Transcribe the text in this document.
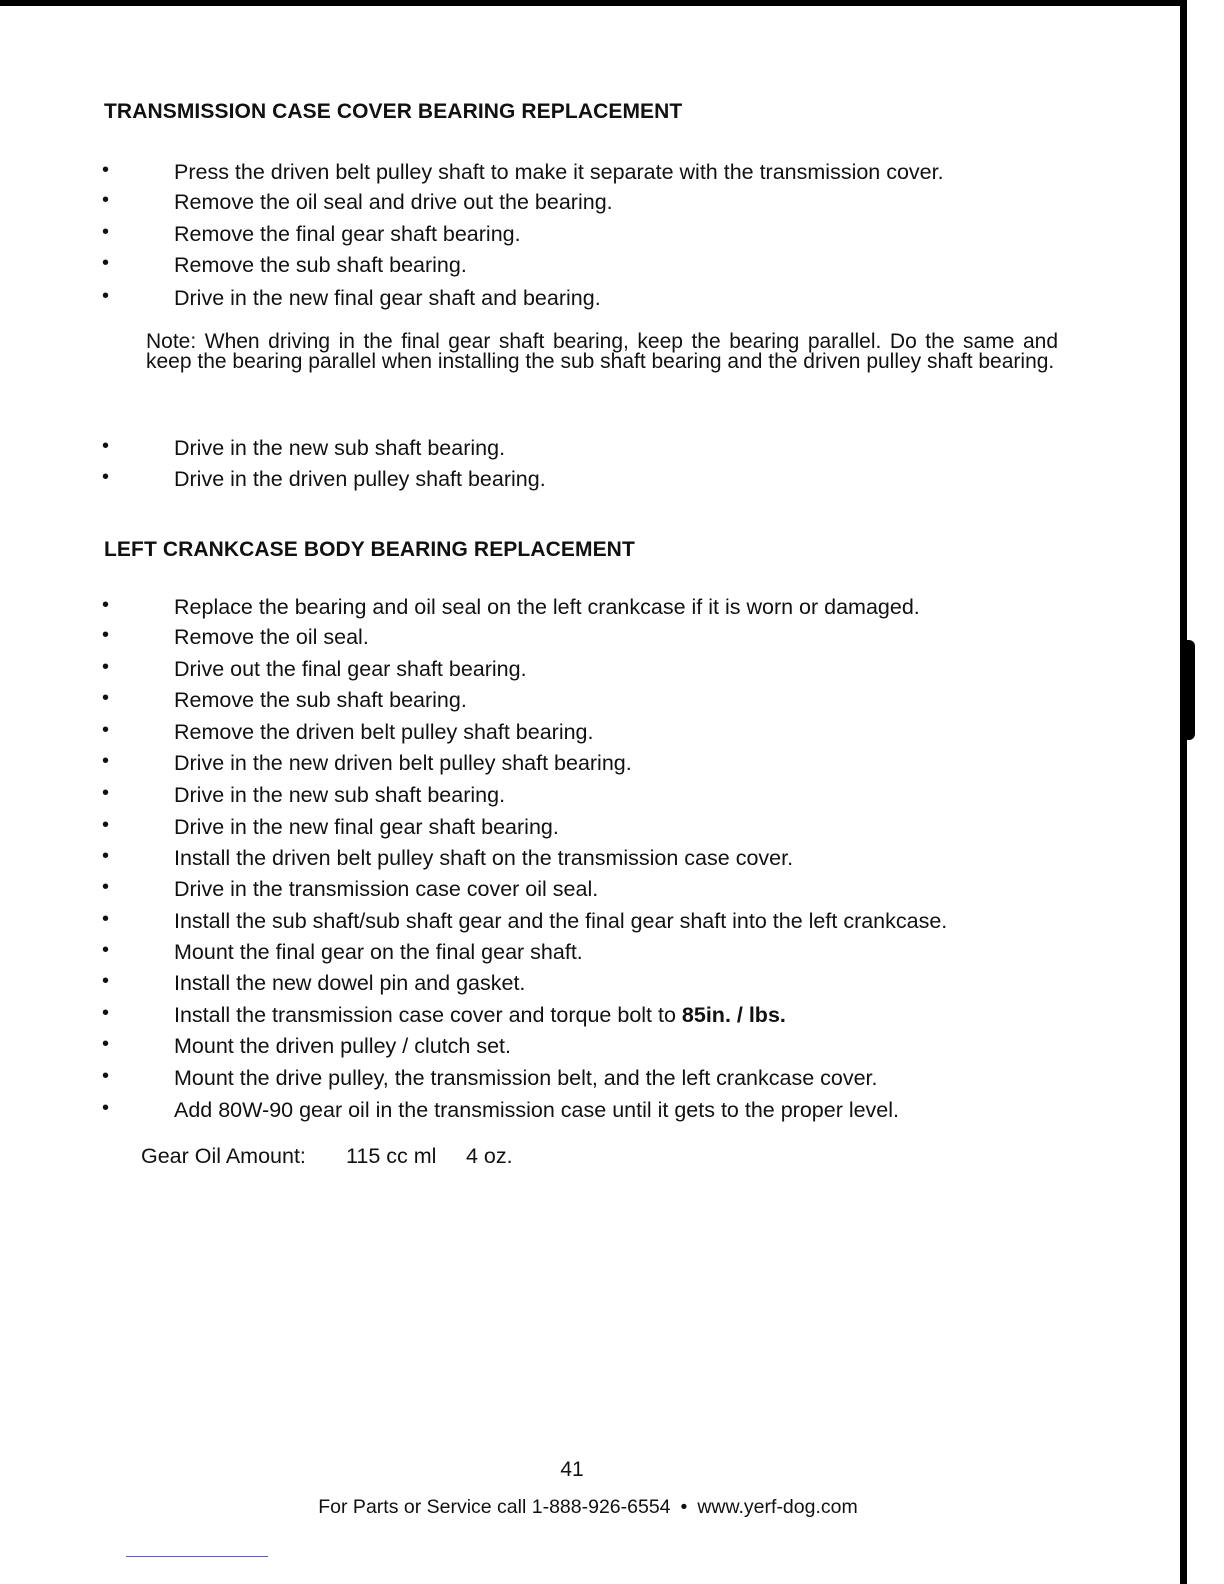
TRANSMISSION CASE COVER BEARING REPLACEMENT
•	Press the driven belt pulley shaft to make it separate with the transmission cover.
•	Remove the oil seal and drive out the bearing.
•	Remove the final gear shaft bearing.
•	Remove the sub shaft bearing.
•	Drive in the new final gear shaft and bearing.

Note: When driving in the final gear shaft bearing, keep the bearing parallel. Do the same and keep the bearing parallel when installing the sub shaft bearing and the driven pulley shaft bearing.

•	Drive in the new sub shaft bearing.
•	Drive in the driven pulley shaft bearing.
LEFT CRANKCASE BODY BEARING REPLACEMENT
•	Replace the bearing and oil seal on the left crankcase if it is worn or damaged.
•	Remove the oil seal.
•	Drive out the final gear shaft bearing.
•	Remove the sub shaft bearing.
•	Remove the driven belt pulley shaft bearing.
•	Drive in the new driven belt pulley shaft bearing.
•	Drive in the new sub shaft bearing.
•	Drive in the new final gear shaft bearing.
•	Install the driven belt pulley shaft on the transmission case cover.
•	Drive in the transmission case cover oil seal.
•	Install the sub shaft/sub shaft gear and the final gear shaft into the left crankcase.
•	Mount the final gear on the final gear shaft.
•	Install the new dowel pin and gasket.
•	Install the transmission case cover and torque bolt to 85in. / lbs.
•	Mount the driven pulley / clutch set.
•	Mount the drive pulley, the transmission belt, and the left crankcase cover.
•	Add 80W-90 gear oil in the transmission case until it gets to the proper level.
Gear Oil Amount: 115 cc ml 4 oz.
41
For Parts or Service call 1-888-926-6554 • www.yerf-dog.com
